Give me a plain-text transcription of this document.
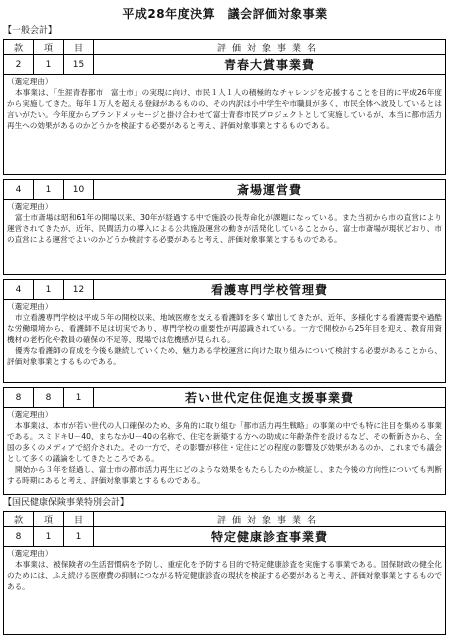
平成28年度決算　議会評価対象事業
【一般会計】
款	項	目	評価対象事業名
2	1	15	青春大賞事業費
（選定理由）
本事業は、「生涯青春都市　富士市」の実現に向け、市民１人１人の積極的なチャレンジを応援することを目的に平成26年度から実施してきた。毎年１万人を超える登録があるものの、その内訳は小中学生や市職員が多く、市民全体へ波及しているとは言いがたい。今年度からブランドメッセージと掛け合わせて富士青春市民プロジェクトとして実施しているが、本当に都市活力再生への効果があるのかどうかを検証する必要があると考え、評価対象事業とするものである。
4	1	10	斎場運営費
（選定理由）
富士市斎場は昭和61年の開場以来、30年が経過する中で施設の長寿命化が課題になっている。また当初から市の直営により運営されてきたが、近年、民間活力の導入による公共施設運営の動きが活発化していることから、富士市斎場が現状どおり、市の直営による運営でよいのかどうか検討する必要があると考え、評価対象事業とするものである。
4	1	12	看護専門学校管理費
（選定理由）
市立看護専門学校は平成５年の開校以来、地域医療を支える看護師を多く輩出してきたが、近年、多様化する看護需要や過酷な労働環境から、看護師不足は切実であり、専門学校の重要性が再認識されている。一方で開校から25年目を迎え、教育用資機材の老朽化や教員の確保の不足等、現場では危機感が見られる。
優秀な看護師の育成を今後も継続していくため、魅力ある学校運営に向けた取り組みについて検討する必要があることから、評価対象事業とするものである。
8	8	1	若い世代定住促進支援事業費
（選定理由）
本事業は、本市が若い世代の人口確保のため、多角的に取り組む「都市活力再生戦略」の事業の中でも特に注目を集める事業である。スミドキU－40、まちなかU－40の名称で、住宅を新築する方への助成に年齢条件を設けるなど、その斬新さから、全国の多くのメディアで紹介された。その一方で、その影響が移住・定住にどの程度の影響及び効果があるのか、これまでも議会として多くの議論をしてきたところである。
開始から３年を経過し、富士市の都市活力再生にどのような効果をもたらしたのか検証し、また今後の方向性についても判断する時期にあると考え、評価対象事業とするものである。
【国民健康保険事業特別会計】
款	項	目	評価対象事業名
8	1	1	特定健康診査事業費
（選定理由）
本事業は、被保険者の生活習慣病を予防し、重症化を予防する目的で特定健康診査を実施する事業である。国保財政の健全化のためには、ふえ続ける医療費の抑制につながる特定健康診査の現状を検証する必要があると考え、評価対象事業とするものである。
